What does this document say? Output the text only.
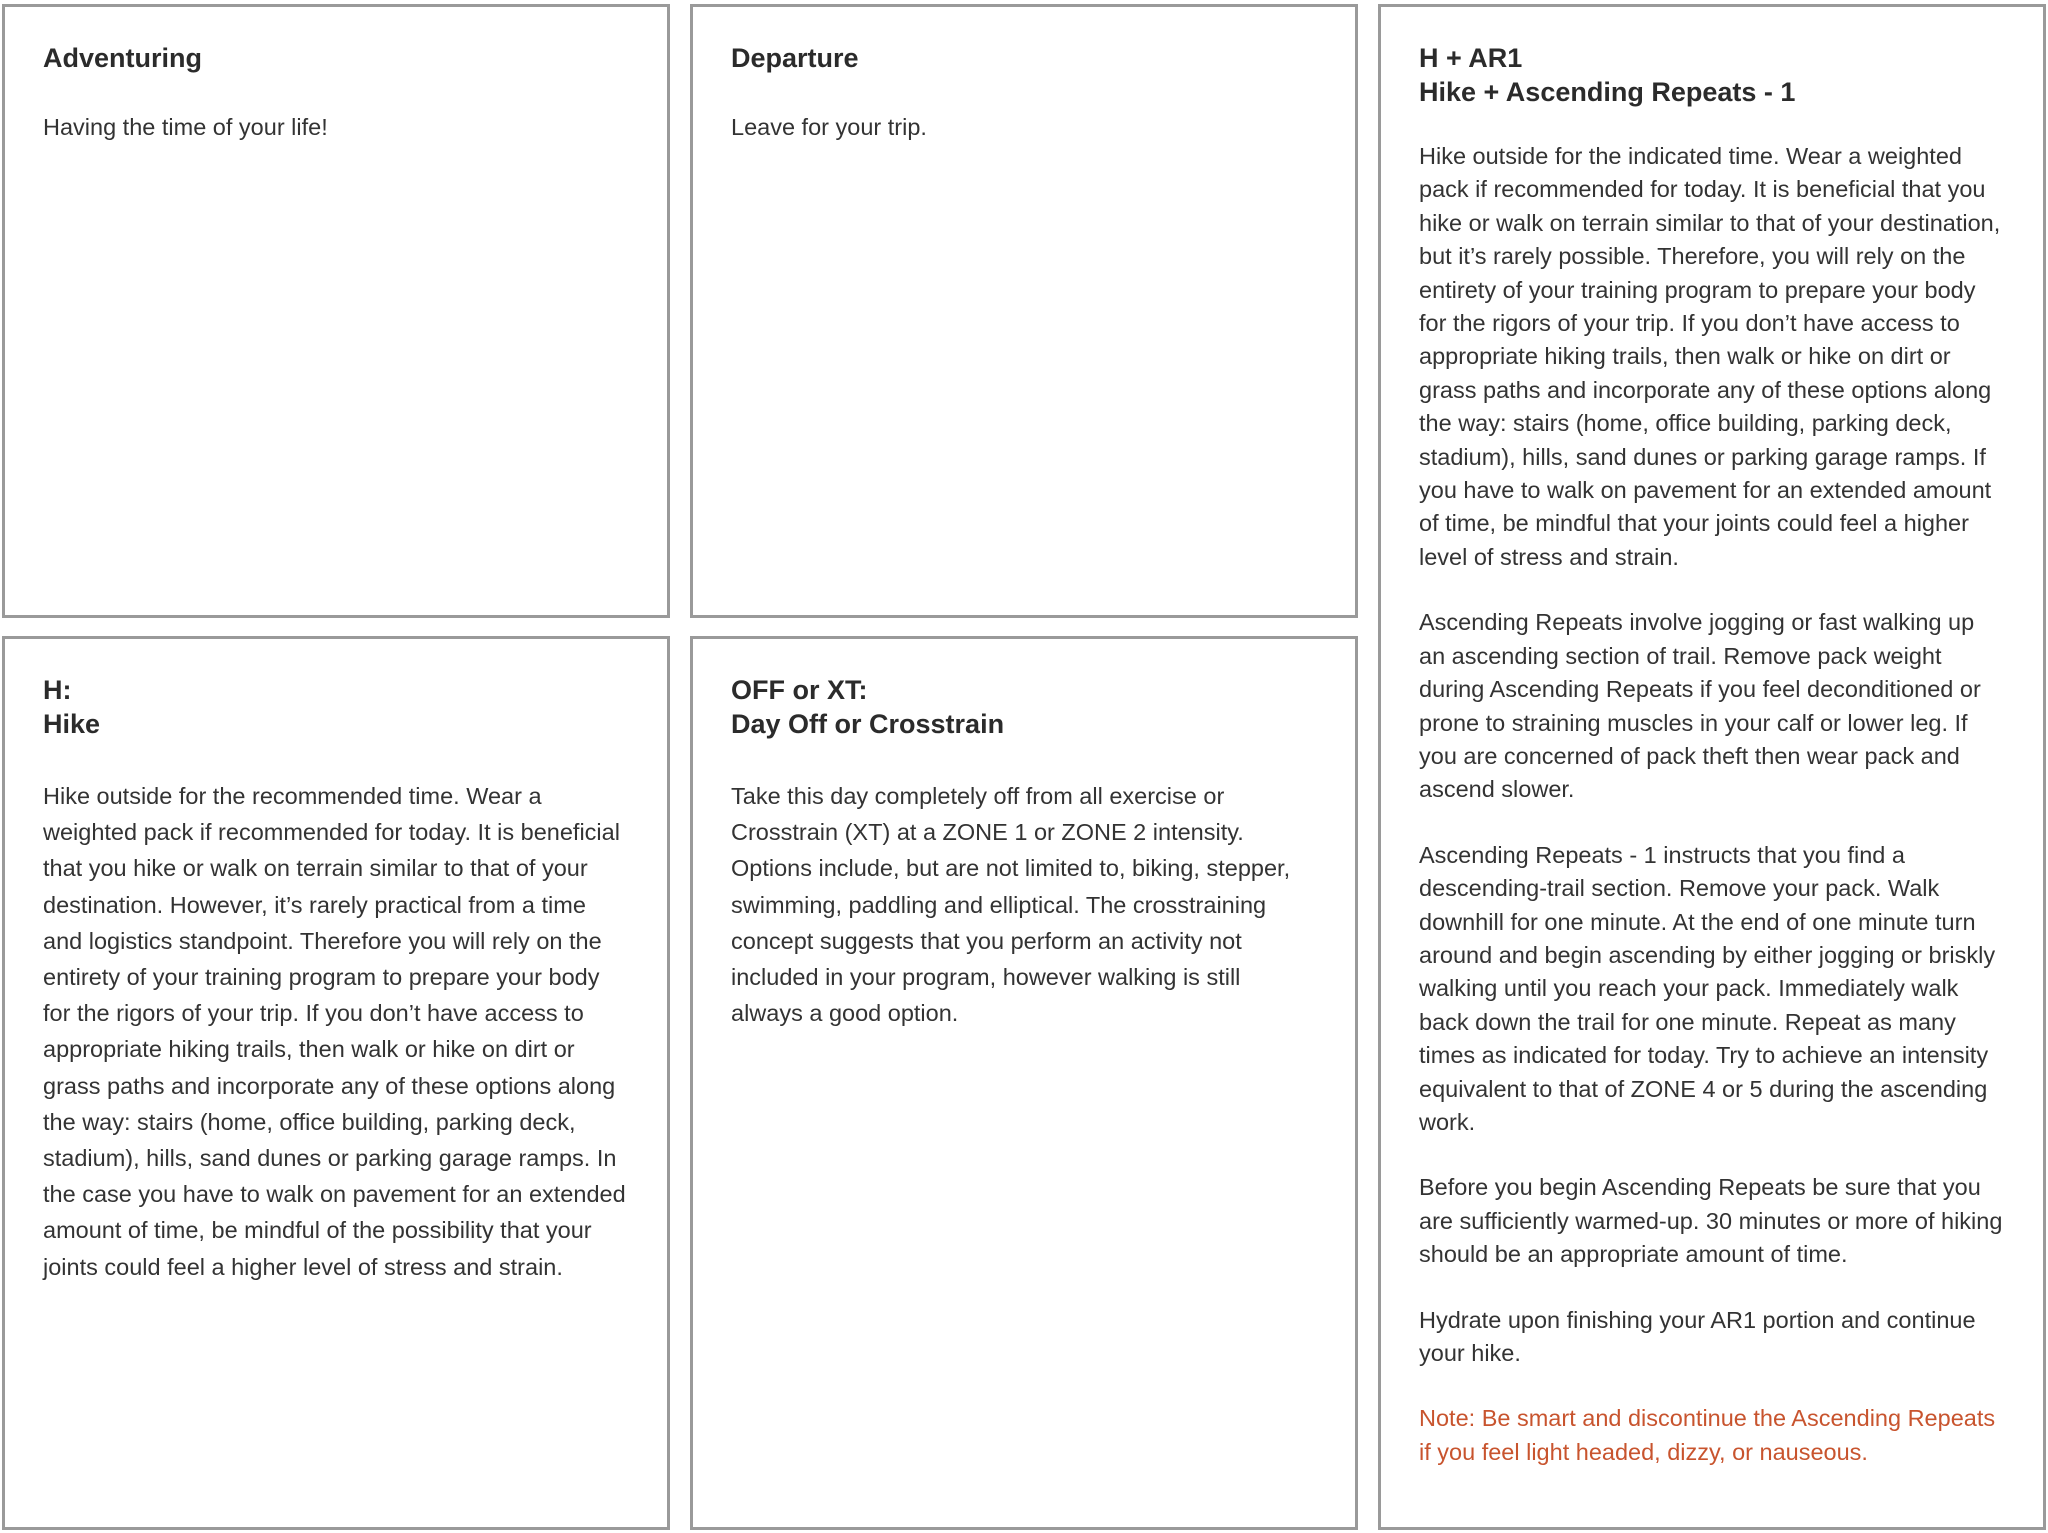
Adventuring

Having the time of your life!

Departure

Leave for your trip.

H + AR1
Hike + Ascending Repeats - 1

Hike outside for the indicated time. Wear a weighted pack if recommended for today. It is beneficial that you hike or walk on terrain similar to that of your destination, but it’s rarely possible. Therefore, you will rely on the entirety of your training program to prepare your body for the rigors of your trip. If you don’t have access to appropriate hiking trails, then walk or hike on dirt or grass paths and incorporate any of these options along the way: stairs (home, office building, parking deck, stadium), hills, sand dunes or parking garage ramps. If you have to walk on pavement for an extended amount of time, be mindful that your joints could feel a higher level of stress and strain.

Ascending Repeats involve jogging or fast walking up an ascending section of trail. Remove pack weight during Ascending Repeats if you feel deconditioned or prone to straining muscles in your calf or lower leg. If you are concerned of pack theft then wear pack and ascend slower.

Ascending Repeats - 1 instructs that you find a descending-trail section. Remove your pack. Walk downhill for one minute. At the end of one minute turn around and begin ascending by either jogging or briskly walking until you reach your pack. Immediately walk back down the trail for one minute. Repeat as many times as indicated for today. Try to achieve an intensity equivalent to that of ZONE 4 or 5 during the ascending work.

Before you begin Ascending Repeats be sure that you are sufficiently warmed-up. 30 minutes or more of hiking should be an appropriate amount of time.

Hydrate upon finishing your AR1 portion and continue your hike.

Note: Be smart and discontinue the Ascending Repeats if you feel light headed, dizzy, or nauseous.

H:
Hike

Hike outside for the recommended time. Wear a weighted pack if recommended for today. It is beneficial that you hike or walk on terrain similar to that of your destination. However, it’s rarely practical from a time and logistics standpoint. Therefore you will rely on the entirety of your training program to prepare your body for the rigors of your trip. If you don’t have access to appropriate hiking trails, then walk or hike on dirt or grass paths and incorporate any of these options along the way: stairs (home, office building, parking deck, stadium), hills, sand dunes or parking garage ramps. In the case you have to walk on pavement for an extended amount of time, be mindful of the possibility that your joints could feel a higher level of stress and strain.

OFF or XT:
Day Off or Crosstrain

Take this day completely off from all exercise or Crosstrain (XT) at a ZONE 1 or ZONE 2 intensity. Options include, but are not limited to, biking, stepper, swimming, paddling and elliptical. The crosstraining concept suggests that you perform an activity not included in your program, however walking is still always a good option.
